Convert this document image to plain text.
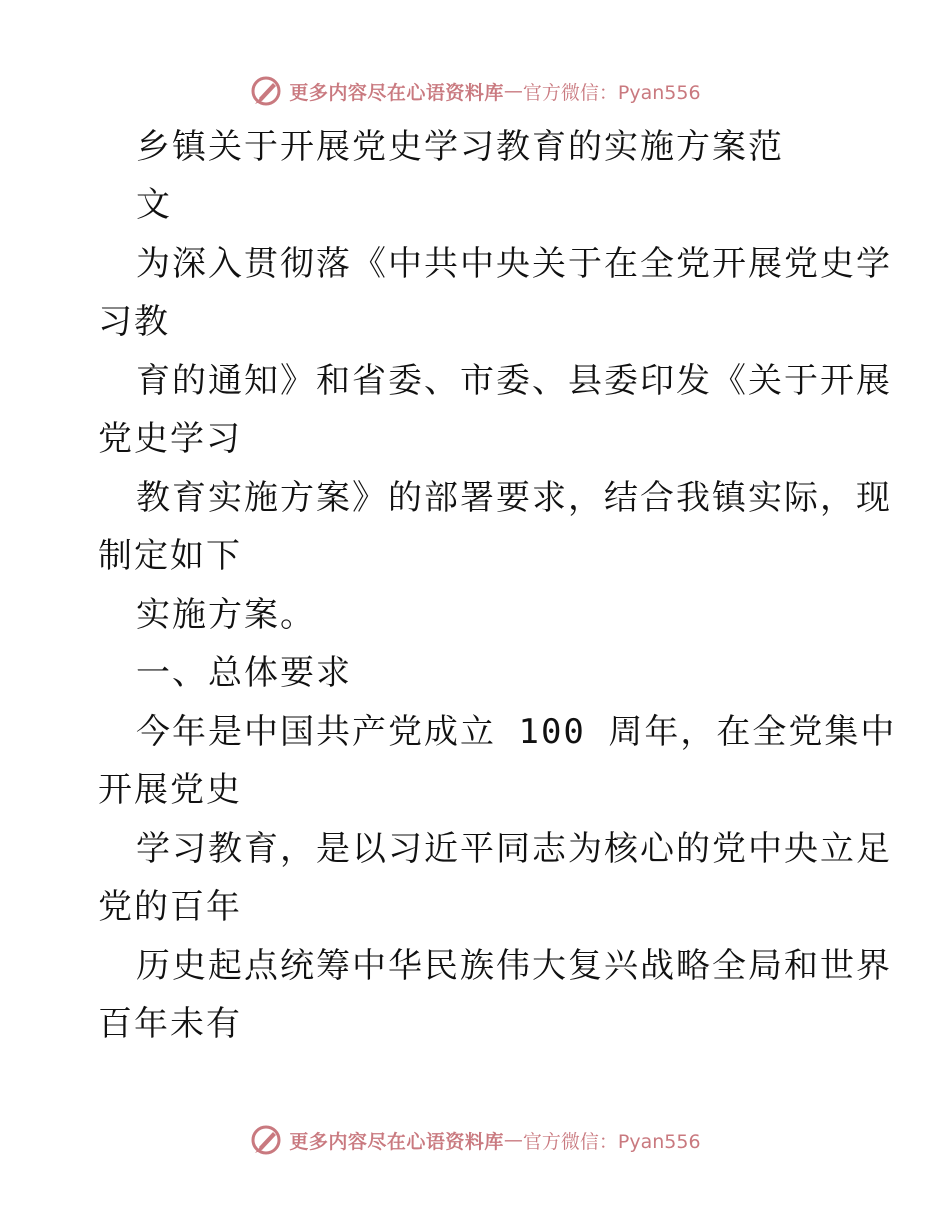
更多内容尽在心语资料库 — 官方微信：Pyan556
乡镇关于开展党史学习教育的实施方案范
文
为深入贯彻落《中共中央关于在全党开展党史学
习教
育的通知》和省委、市委、县委印发《关于开展
党史学习
教育实施方案》的部署要求，结合我镇实际，现
制定如下
实施方案。
一、总体要求
今年是中国共产党成立 100 周年，在全党集中
开展党史
学习教育，是以习近平同志为核心的党中央立足
党的百年
历史起点统筹中华民族伟大复兴战略全局和世界
百年未有
更多内容尽在心语资料库 — 官方微信：Pyan556
